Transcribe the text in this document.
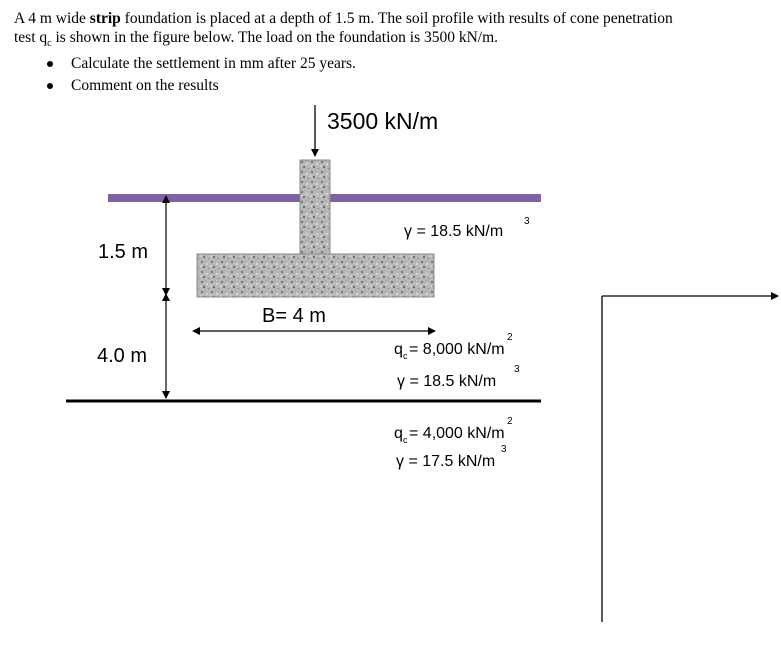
A 4 m wide strip foundation is placed at a depth of 1.5 m. The soil profile with results of cone penetration

test $q_c$ is shown in the figure below. The load on the foundation is 3500 kN/m.

Calculate the settlement in mm after 25 years.
Comment on the results
3500 kN/m
1.5 m
4.0 m
B= 4 m
γ = 18.5 kN/m
3
q c = 8,000 kN/m
2
γ = 18.5 kN/m
3
q c = 4,000 kN/m
2
γ = 17.5 kN/m
3
